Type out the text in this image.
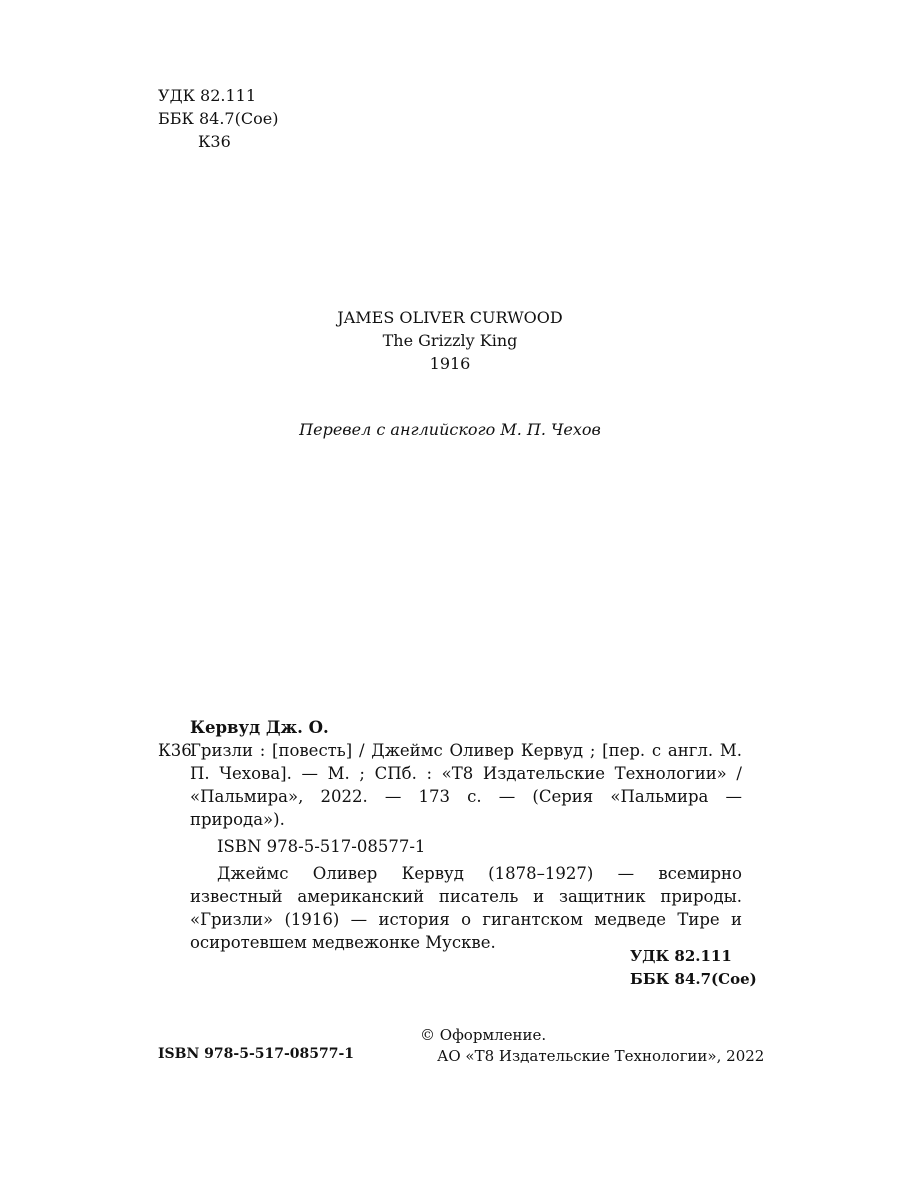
УДК 82.111
ББК 84.7(Сое)
К36
JAMES OLIVER CURWOOD
The Grizzly King
1916
Перевел с английского М. П. Чехов
Кервуд Дж. О.
К36
Гризли : [повесть] / Джеймс Оливер Кервуд ; [пер. с англ. М. П. Чехова]. — М. ; СПб. : «Т8 Издательские Технологии» / «Пальмира», 2022. — 173 с. — (Серия «Пальмира — природа»).
ISBN 978-5-517-08577-1
Джеймс Оливер Кервуд (1878–1927) — всемирно известный американский писатель и защитник природы. «Гризли» (1916) — история о гигантском медведе Тире и осиротевшем медвежонке Мускве.
УДК 82.111
ББК 84.7(Сое)
ISBN 978-5-517-08577-1
© Оформление.
АО «Т8 Издательские Технологии», 2022
